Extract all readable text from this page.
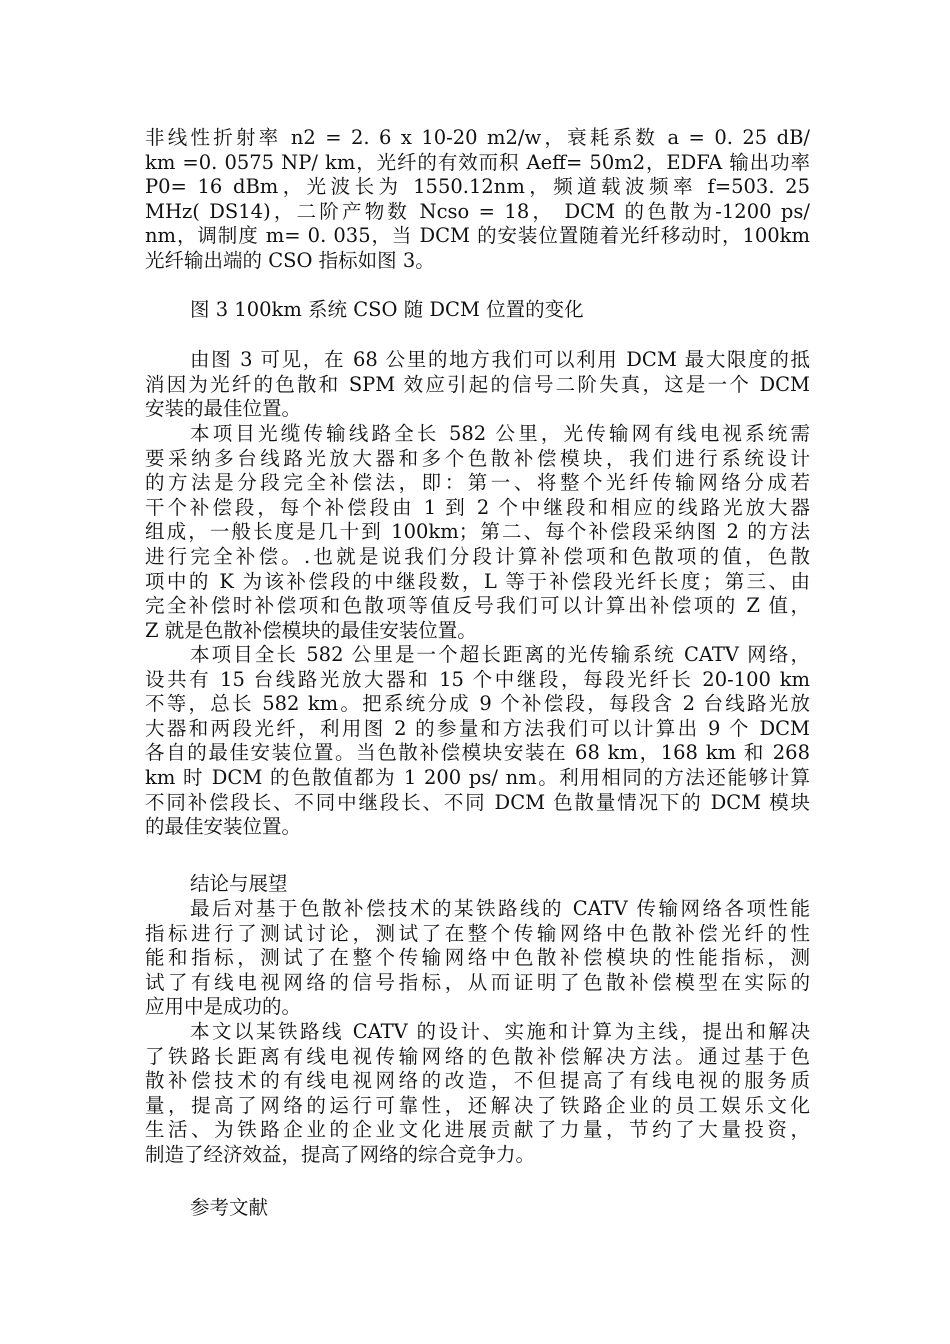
非线性折射率 n2 = 2. 6 x 10-20 m2/w，衰耗系数 a = 0. 25 dB/
km =0. 0575 NP/ km，光纤的有效而积 Aeff= 50m2，EDFA 输出功率
P0= 16 dBm，光波长为 1550.12nm，频道载波频率 f=503. 25
MHz( DS14)，二阶产物数 Ncso = 18， DCM 的色散为-1200 ps/
nm，调制度 m= 0. 035，当 DCM 的安装位置随着光纤移动时，100km
光纤输出端的 CSO 指标如图 3。
图 3 100km 系统 CSO 随 DCM 位置的变化
由图 3 可见，在 68 公里的地方我们可以利用 DCM 最大限度的抵
消因为光纤的色散和 SPM 效应引起的信号二阶失真，这是一个 DCM
安装的最佳位置。
本项目光缆传输线路全长 582 公里，光传输网有线电视系统需
要采纳多台线路光放大器和多个色散补偿模块，我们进行系统设计
的方法是分段完全补偿法，即：第一、将整个光纤传输网络分成若
干个补偿段，每个补偿段由 1 到 2 个中继段和相应的线路光放大器
组成，一般长度是几十到 100km；第二、每个补偿段采纳图 2 的方法
进行完全补偿。.也就是说我们分段计算补偿项和色散项的值，色散
项中的 K 为该补偿段的中继段数，L 等于补偿段光纤长度；第三、由
完全补偿时补偿项和色散项等值反号我们可以计算出补偿项的 Z 值，
Z 就是色散补偿模块的最佳安装位置。
本项目全长 582 公里是一个超长距离的光传输系统 CATV 网络，
设共有 15 台线路光放大器和 15 个中继段，每段光纤长 20-100 km
不等，总长 582 km。把系统分成 9 个补偿段，每段含 2 台线路光放
大器和两段光纤，利用图 2 的参量和方法我们可以计算出 9 个 DCM
各自的最佳安装位置。当色散补偿模块安装在 68 km，168 km 和 268
km 时 DCM 的色散值都为 1 200 ps/ nm。利用相同的方法还能够计算
不同补偿段长、不同中继段长、不同 DCM 色散量情况下的 DCM 模块
的最佳安装位置。
结论与展望
最后对基于色散补偿技术的某铁路线的 CATV 传输网络各项性能
指标进行了测试讨论，测试了在整个传输网络中色散补偿光纤的性
能和指标，测试了在整个传输网络中色散补偿模块的性能指标，测
试了有线电视网络的信号指标，从而证明了色散补偿模型在实际的
应用中是成功的。
本文以某铁路线 CATV 的设计、实施和计算为主线，提出和解决
了铁路长距离有线电视传输网络的色散补偿解决方法。通过基于色
散补偿技术的有线电视网络的改造，不但提高了有线电视的服务质
量，提高了网络的运行可靠性，还解决了铁路企业的员工娱乐文化
生活、为铁路企业的企业文化进展贡献了力量，节约了大量投资，
制造了经济效益，提高了网络的综合竞争力。
参考文献
